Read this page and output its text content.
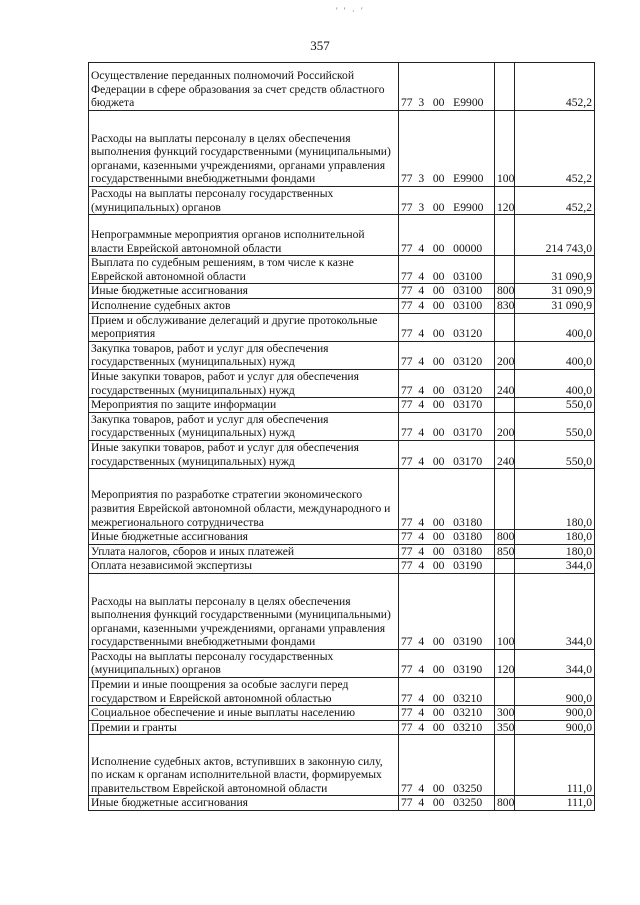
' ' · '
357
Осуществление переданных полномочий Российской Федерации в сфере образования за счет средств областного бюджета	77  3   00   Е9900		452,2
Расходы на выплаты персоналу в целях обеспечения выполнения функций государственными (муниципальными) органами, казенными учреждениями, органами управления государственными внебюджетными фондами	77  3   00   Е9900	100	452,2
Расходы на выплаты персоналу государственных (муниципальных) органов	77  3   00   Е9900	120	452,2
Непрограммные мероприятия органов исполнительной власти Еврейской автономной области	77  4   00   00000		214 743,0
Выплата по судебным решениям, в том числе к казне Еврейской автономной области	77  4   00   03100		31 090,9
Иные бюджетные ассигнования	77  4   00   03100	800	31 090,9
Исполнение судебных актов	77  4   00   03100	830	31 090,9
Прием и обслуживание делегаций и другие протокольные мероприятия	77  4   00   03120		400,0
Закупка товаров, работ и услуг для обеспечения государственных (муниципальных) нужд	77  4   00   03120	200	400,0
Иные закупки товаров, работ и услуг для обеспечения государственных (муниципальных) нужд	77  4   00   03120	240	400,0
Мероприятия по защите информации	77  4   00   03170		550,0
Закупка товаров, работ и услуг для обеспечения государственных (муниципальных) нужд	77  4   00   03170	200	550,0
Иные закупки товаров, работ и услуг для обеспечения государственных (муниципальных) нужд	77  4   00   03170	240	550,0
Мероприятия по разработке стратегии экономического развития Еврейской автономной области, международного и межрегионального сотрудничества	77  4   00   03180		180,0
Иные бюджетные ассигнования	77  4   00   03180	800	180,0
Уплата налогов, сборов и иных платежей	77  4   00   03180	850	180,0
Оплата независимой экспертизы	77  4   00   03190		344,0
Расходы на выплаты персоналу в целях обеспечения выполнения функций государственными (муниципальными) органами, казенными учреждениями, органами управления государственными внебюджетными фондами	77  4   00   03190	100	344,0
Расходы на выплаты персоналу государственных (муниципальных) органов	77  4   00   03190	120	344,0
Премии и иные поощрения за особые заслуги перед государством и Еврейской автономной областью	77  4   00   03210		900,0
Социальное обеспечение и иные выплаты населению	77  4   00   03210	300	900,0
Премии и гранты	77  4   00   03210	350	900,0
Исполнение судебных актов, вступивших в законную силу, по искам к органам исполнительной власти, формируемых правительством Еврейской автономной области	77  4   00   03250		111,0
Иные бюджетные ассигнования	77  4   00   03250	800	111,0
